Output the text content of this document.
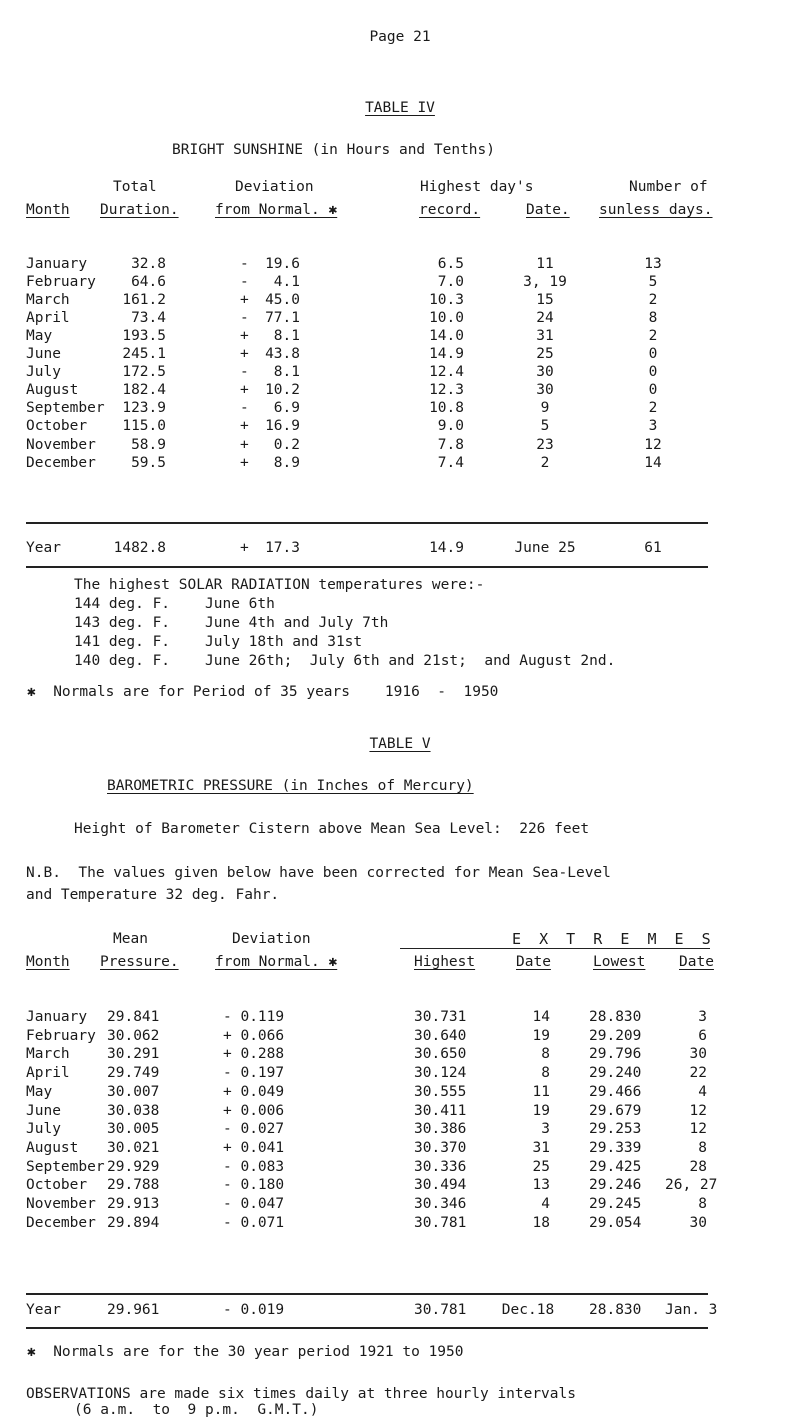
Page 21
TABLE IV
BRIGHT SUNSHINE (in Hours and Tenths)
Month
Total
Duration.
Deviation
from Normal. ✱
Highest day's
record.	Date.
Number of
sunless days.
January	32.8	-	19.6	6.5	11	13
February	64.6	-	4.1	7.0	3, 19	5
March	161.2	+	45.0	10.3	15	2
April	73.4	-	77.1	10.0	24	8
May	193.5	+	8.1	14.0	31	2
June	245.1	+	43.8	14.9	25	0
July	172.5	-	8.1	12.4	30	0
August	182.4	+	10.2	12.3	30	0
September	123.9	-	6.9	10.8	9	2
October	115.0	+	16.9	9.0	5	3
November	58.9	+	0.2	7.8	23	12
December	59.5	+	8.9	7.4	2	14
Year	1482.8	+	17.3	14.9	June 25	61
The highest SOLAR RADIATION temperatures were:-
144 deg. F. June 6th
143 deg. F. June 4th and July 7th
141 deg. F. July 18th and 31st
140 deg. F. June 26th;  July 6th and 21st;  and August 2nd.
✱  Normals are for Period of 35 years    1916  -  1950
TABLE V
BAROMETRIC PRESSURE (in Inches of Mercury)
Height of Barometer Cistern above Mean Sea Level:  226 feet
N.B.  The values given below have been corrected for Mean Sea-Level
and Temperature 32 deg. Fahr.
Mean
Pressure.
Month
Deviation
from Normal. ✱
E  X  T  R  E  M  E  S
Highest	Date	Lowest Date
January 29.841	- 0.119	30.731	14	28.830	3
February 30.062	+ 0.066	30.640	19	29.209	6
March	30.291	+ 0.288	30.650	8	29.796	30
April	29.749	- 0.197	30.124	8	29.240	22
May	30.007	+ 0.049	30.555	11	29.466	4
June	30.038	+ 0.006	30.411	19	29.679	12
July	30.005	- 0.027	30.386	3	29.253	12
August 30.021	+ 0.041	30.370	31	29.339	8
September 29.929	- 0.083	30.336	25	29.425	28
October 29.788	- 0.180	30.494	13	29.246 26, 27
November 29.913	- 0.047	30.346	4	29.245	8
December 29.894	- 0.071	30.781	18	29.054	30
Year	29.961	- 0.019	30.781	Dec.18	28.830 Jan. 3
✱  Normals are for the 30 year period 1921 to 1950
OBSERVATIONS are made six times daily at three hourly intervals
(6 a.m.  to  9 p.m.  G.M.T.)
